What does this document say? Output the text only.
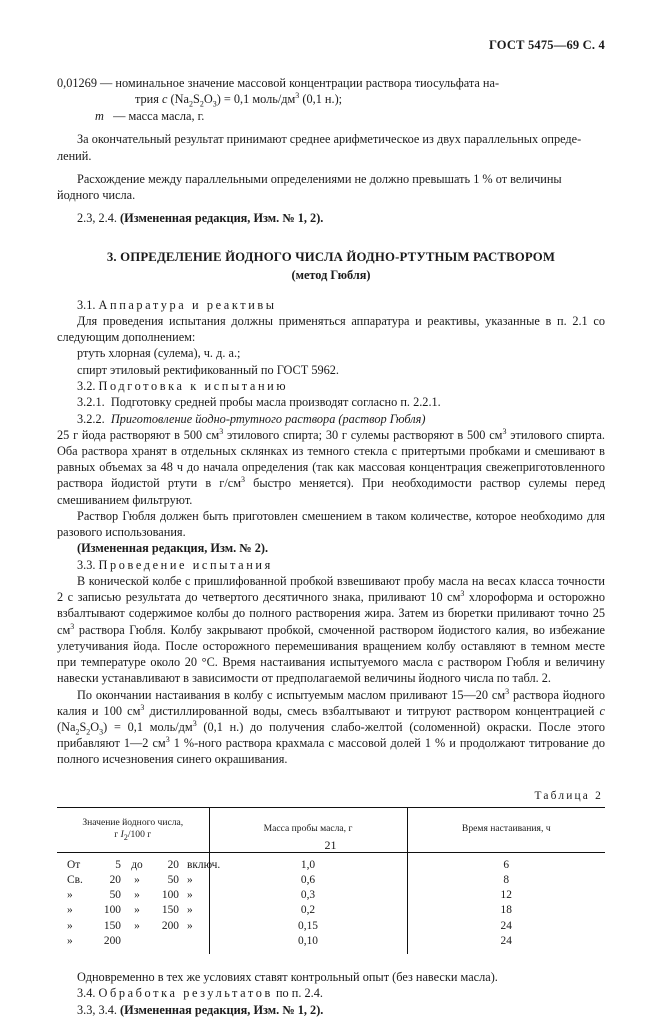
ГОСТ 5475—69 С. 4
0,01269 — номинальное значение массовой концентрации раствора тиосульфата на-
трия c $(Na_2S_2O_3) = 0,1$ моль/$дм^3$ (0,1 н.);
m — масса масла, г.

За окончательный результат принимают среднее арифметическое из двух параллельных опреде-

лений.

Расхождение между параллельными определениями не должно превышать 1 % от величины

йодного числа.

2.3, 2.4. (Измененная редакция, Изм. № 1, 2).

3. ОПРЕДЕЛЕНИЕ ЙОДНОГО ЧИСЛА ЙОДНО-РТУТНЫМ РАСТВОРОМ
(метод Гюбля)

3.1. Аппаратура и реактивы

Для проведения испытания должны применяться аппаратура и реактивы, указанные в п. 2.1 со следующим дополнением:

ртуть хлорная (сулема), ч. д. а.;

спирт этиловый ректификованный по ГОСТ 5962.

3.2. Подготовка к испытанию

3.2.1. Подготовку средней пробы масла производят согласно п. 2.2.1.

3.2.2. Приготовление йодно-ртутного раствора (раствор Гюбля)

25 г йода растворяют в 500 $см^3$ этилового спирта; 30 г сулемы растворяют в 500 $см^3$ этилового спирта. Оба раствора хранят в отдельных склянках из темного стекла с притертыми пробками и смешивают в равных объемах за 48 ч до начала определения (так как массовая концентрация свежеприготовленного раствора йодистой ртути в $г/см^3$ быстро меняется). При необходимости раствор сулемы перед смешиванием фильтруют.

Раствор Гюбля должен быть приготовлен смешением в таком количестве, которое необходимо для разового использования.

(Измененная редакция, Изм. № 2).

3.3. Проведение испытания

В конической колбе с пришлифованной пробкой взвешивают пробу масла на весах класса точности 2 с записью результата до четвертого десятичного знака, приливают 10 $см^3$ хлороформа и осторожно взбалтывают содержимое колбы до полного растворения жира. Затем из бюретки приливают точно 25 $см^3$ раствора Гюбля. Колбу закрывают пробкой, смоченной раствором йодистого калия, во избежание улетучивания йода. После осторожного перемешивания вращением колбу оставляют в темном месте при температуре около 20 °C. Время настаивания испытуемого масла с раствором Гюбля и величину навески устанавливают в зависимости от предполагаемой величины йодного числа по табл. 2.

По окончании настаивания в колбу с испытуемым маслом приливают 15—20 $см^3$ раствора йодного калия и 100 $см^3$ дистиллированной воды, смесь взбалтывают и титруют раствором концентрацией c $(Na_2S_2O_3) = 0,1$ моль/$дм^3$ (0,1 н.) до получения слабо-желтой (соломенной) окраски. После этого прибавляют 1—2 $см^3$ 1 %-ного раствора крахмала с массовой долей 1 % и продолжают титрование до полного исчезновения синего окрашивания.

Таблица 2
Значение йодного числа,
г $I_2/100$ г	Масса пробы масла, г	Время настаивания, ч

От 5 до 20 включ.	1,0	6

Св. 20 » 50 »	0,6	8

» 50 » 100 »	0,3	12

» 100 » 150 »	0,2	18

» 150 » 200 »	0,15	24

» 200	0,10	24

Одновременно в тех же условиях ставят контрольный опыт (без навески масла).

3.4. Обработка результатов по п. 2.4.

3.3, 3.4. (Измененная редакция, Изм. № 1, 2).

21
